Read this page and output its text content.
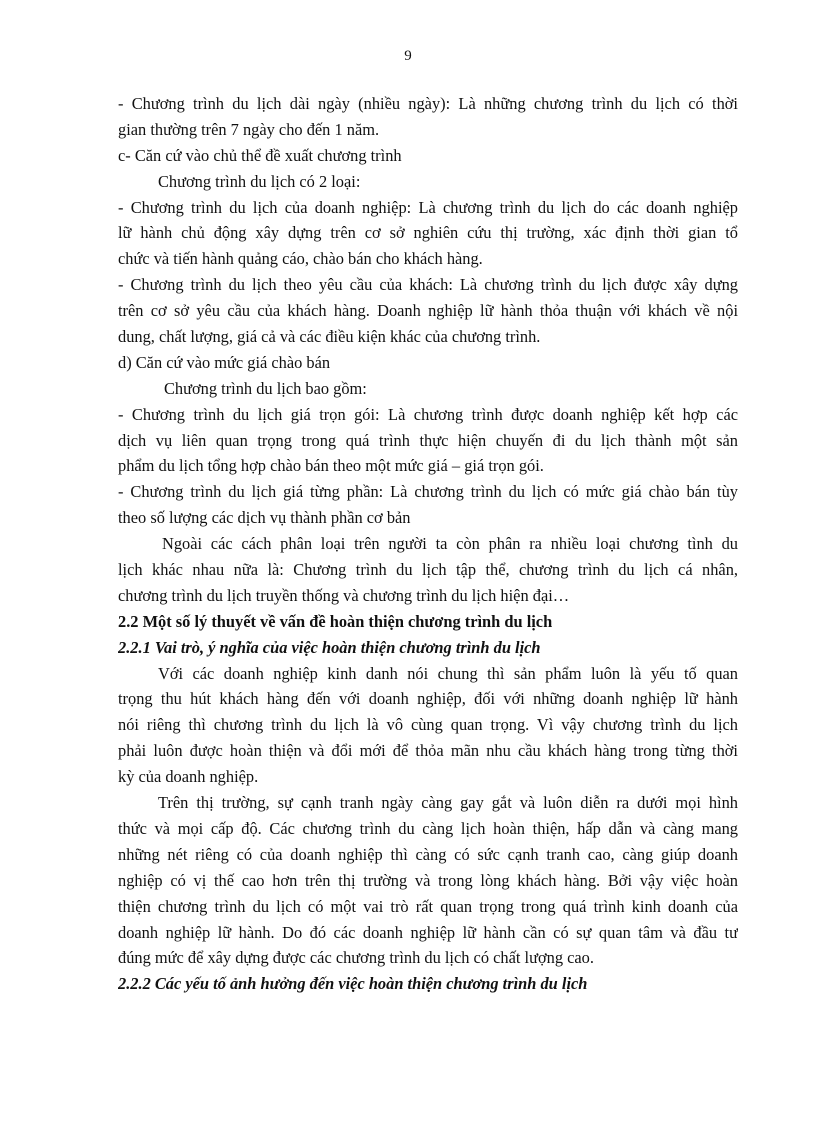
9
- Chương trình du lịch dài ngày (nhiều ngày): Là những chương trình du lịch có thời
gian thường trên 7 ngày cho đến 1 năm.
c- Căn cứ vào chủ thể đề xuất chương trình
Chương trình du lịch có 2 loại:
- Chương trình du lịch của doanh nghiệp: Là chương trình du lịch do các doanh nghiệp
lữ hành chủ động xây dựng trên cơ sở nghiên cứu thị trường, xác định thời gian tổ
chức và tiến hành quảng cáo, chào bán cho khách hàng.
- Chương trình du lịch theo yêu cầu của khách: Là chương trình du lịch được xây dựng
trên cơ sở yêu cầu của khách hàng. Doanh nghiệp lữ hành thỏa thuận với khách về nội
dung, chất lượng, giá cả và các điều kiện khác của chương trình.
d) Căn cứ vào mức giá chào bán
Chương trình du lịch bao gồm:
- Chương trình du lịch giá trọn gói: Là chương trình được doanh nghiệp kết hợp các
dịch vụ liên quan trọng trong quá trình thực hiện chuyến đi du lịch thành một sản
phẩm du lịch tổng hợp chào bán theo một mức giá – giá trọn gói.
- Chương trình du lịch giá từng phần: Là chương trình du lịch có mức giá chào bán tùy
theo số lượng các dịch vụ thành phần cơ bản
Ngoài các cách phân loại trên người ta còn phân ra nhiều loại chương tình du
lịch khác nhau nữa là: Chương trình du lịch tập thể, chương trình du lịch cá nhân,
chương trình du lịch truyền thống và chương trình du lịch hiện đại…
2.2 Một số lý thuyết về vấn đề hoàn thiện chương trình du lịch
2.2.1 Vai trò, ý nghĩa của việc hoàn thiện chương trình du lịch
Với các doanh nghiệp kinh danh nói chung thì sản phẩm luôn là yếu tố quan
trọng thu hút khách hàng đến với doanh nghiệp, đối với những doanh nghiệp lữ hành
nói riêng thì chương trình du lịch là vô cùng quan trọng. Vì vậy chương trình du lịch
phải luôn được hoàn thiện và đổi mới để thỏa mãn nhu cầu khách hàng trong từng thời
kỳ của doanh nghiệp.
Trên thị trường, sự cạnh tranh ngày càng gay gắt và luôn diễn ra dưới mọi hình
thức và mọi cấp độ. Các chương trình du càng lịch hoàn thiện, hấp dẫn và càng mang
những nét riêng có của doanh nghiệp thì càng có sức cạnh tranh cao, càng giúp doanh
nghiệp có vị thế cao hơn trên thị trường và trong lòng khách hàng. Bởi vậy việc hoàn
thiện chương trình du lịch có một vai trò rất quan trọng trong quá trình kinh doanh của
doanh nghiệp lữ hành. Do đó các doanh nghiệp lữ hành cần có sự quan tâm và đầu tư
đúng mức để xây dựng được các chương trình du lịch có chất lượng cao.
2.2.2 Các yếu tố ảnh hưởng đến việc hoàn thiện chương trình du lịch
